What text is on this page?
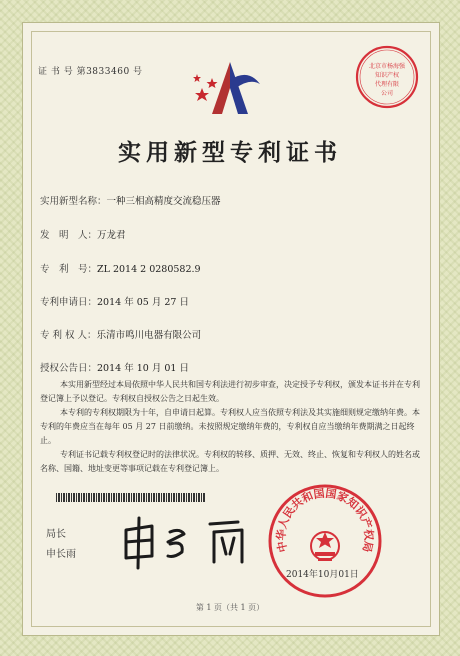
证 书 号 第3833460 号
北京市杨海强
知识产权
代理有限
公司
实用新型专利证书
实用新型名称：一种三相高精度交流稳压器
发　明　人：万龙君
专　利　号：ZL 2014 2 0280582.9
专利申请日：2014 年 05 月 27 日
专 利 权 人：乐清市鸣川电器有限公司
授权公告日：2014 年 10 月 01 日
本实用新型经过本局依照中华人民共和国专利法进行初步审查，决定授予专利权，颁发本证书并在专利登记簿上予以登记。专利权自授权公告之日起生效。
本专利的专利权期限为十年，自申请日起算。专利权人应当依照专利法及其实施细则规定缴纳年费。本专利的年费应当在每年 05 月 27 日前缴纳。未按照规定缴纳年费的，专利权自应当缴纳年费期满之日起终止。
专利证书记载专利权登记时的法律状况。专利权的转移、质押、无效、终止、恢复和专利权人的姓名或名称、国籍、地址变更等事项记载在专利登记簿上。
局长
申长雨
中华人民共和国国家知识产权局
2014年10月01日
第 1 页（共 1 页）
